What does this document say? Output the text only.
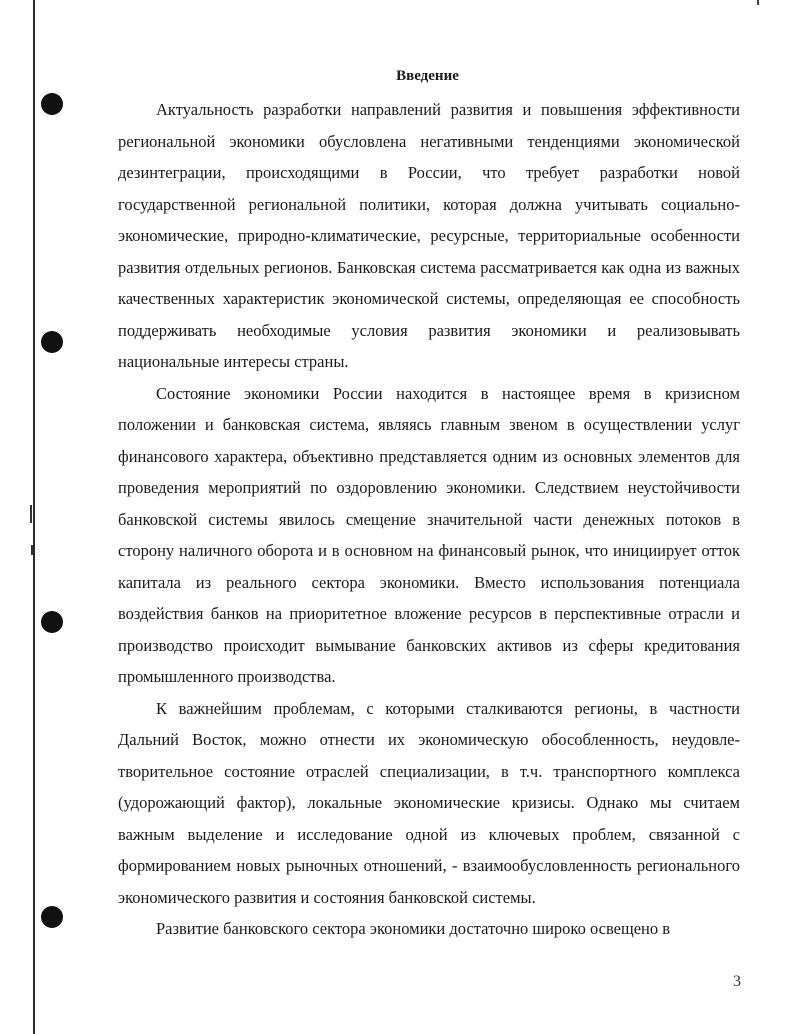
Введение

Актуальность разработки направлений развития и повышения эффективности региональной экономики обусловлена негативными тенденциями экономической дезинтеграции, происходящими в России, что требует разработки новой государственной региональной политики, которая должна учитывать социально-экономические, природно-климатические, ресурсные, территориальные особенности развития отдельных регионов. Банковская система рассматривается как одна из важных качественных характеристик экономической системы, определяющая ее способность поддерживать необходимые условия развития экономики и реализовывать национальные интересы страны.

Состояние экономики России находится в настоящее время в кризисном положении и банковская система, являясь главным звеном в осуществлении услуг финансового характера, объективно представляется одним из основных элементов для проведения мероприятий по оздоровлению экономики. Следствием неустойчивости банковской системы явилось смещение значительной части денежных потоков в сторону наличного оборота и в основном на финансовый рынок, что инициирует отток капитала из реального сектора экономики. Вместо использования потенциала воздействия банков на приоритетное вложение ресурсов в перспективные отрасли и производство происходит вымывание банковских активов из сферы кредитования промышленного производства.

К важнейшим проблемам, с которыми сталкиваются регионы, в частности Дальний Восток, можно отнести их экономическую обособленность, неудовлетворительное состояние отраслей специализации, в т.ч. транспортного комплекса (удорожающий фактор), локальные экономические кризисы. Однако мы считаем важным выделение и исследование одной из ключевых проблем, связанной с формированием новых рыночных отношений, - взаимообусловленность регионального экономического развития и состояния банковской системы.

Развитие банковского сектора экономики достаточно широко освещено в

3
